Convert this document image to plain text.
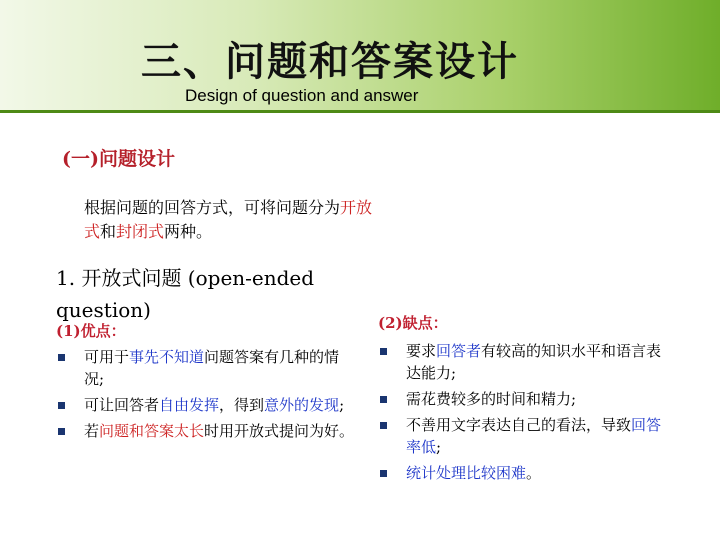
三、问题和答案设计
Design of question and answer
(一)问题设计
根据问题的回答方式，可将问题分为开放式和封闭式两种。
1. 开放式问题 (open-ended question)
(1)优点：
可用于事先不知道问题答案有几种的情况;
可让回答者自由发挥，得到意外的发现;
若问题和答案太长时用开放式提问为好。
(2)缺点：
要求回答者有较高的知识水平和语言表达能力;
需花费较多的时间和精力;
不善用文字表达自己的看法，导致回答率低;
统计处理比较困难。
